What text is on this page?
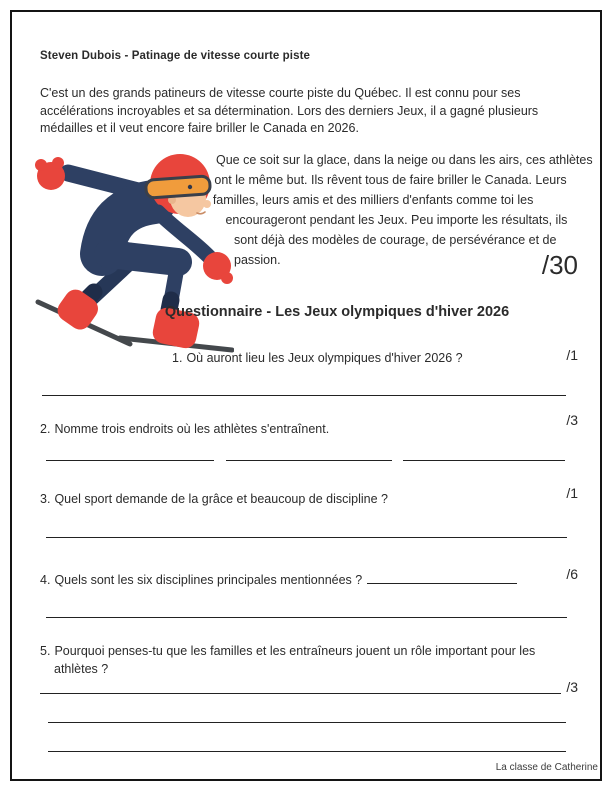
Steven Dubois - Patinage de vitesse courte piste
C'est un des grands patineurs de vitesse courte piste du Québec. Il est connu pour ses accélérations incroyables et sa détermination. Lors des derniers Jeux, il a gagné plusieurs médailles et il veut encore faire briller le Canada en 2026.
Que ce soit sur la glace, dans la neige ou dans les airs, ces athlètes ont le même but. Ils rêvent tous de faire briller le Canada. Leurs familles, leurs amis et des milliers d'enfants comme toi les encourageront pendant les Jeux. Peu importe les résultats, ils sont déjà des modèles de courage, de persévérance et de passion.	/30
Questionnaire - Les Jeux olympiques d'hiver 2026
1. Où auront lieu les Jeux olympiques d'hiver 2026 ?	/1
2. Nomme trois endroits où les athlètes s'entraînent.
/3
3. Quel sport demande de la grâce et beaucoup de discipline ?	/1
4. Quels sont les six disciplines principales mentionnées ?	/6
5. Pourquoi penses-tu que les familles et les entraîneurs jouent un rôle important pour les athlètes ?
/3
La classe de Catherine
